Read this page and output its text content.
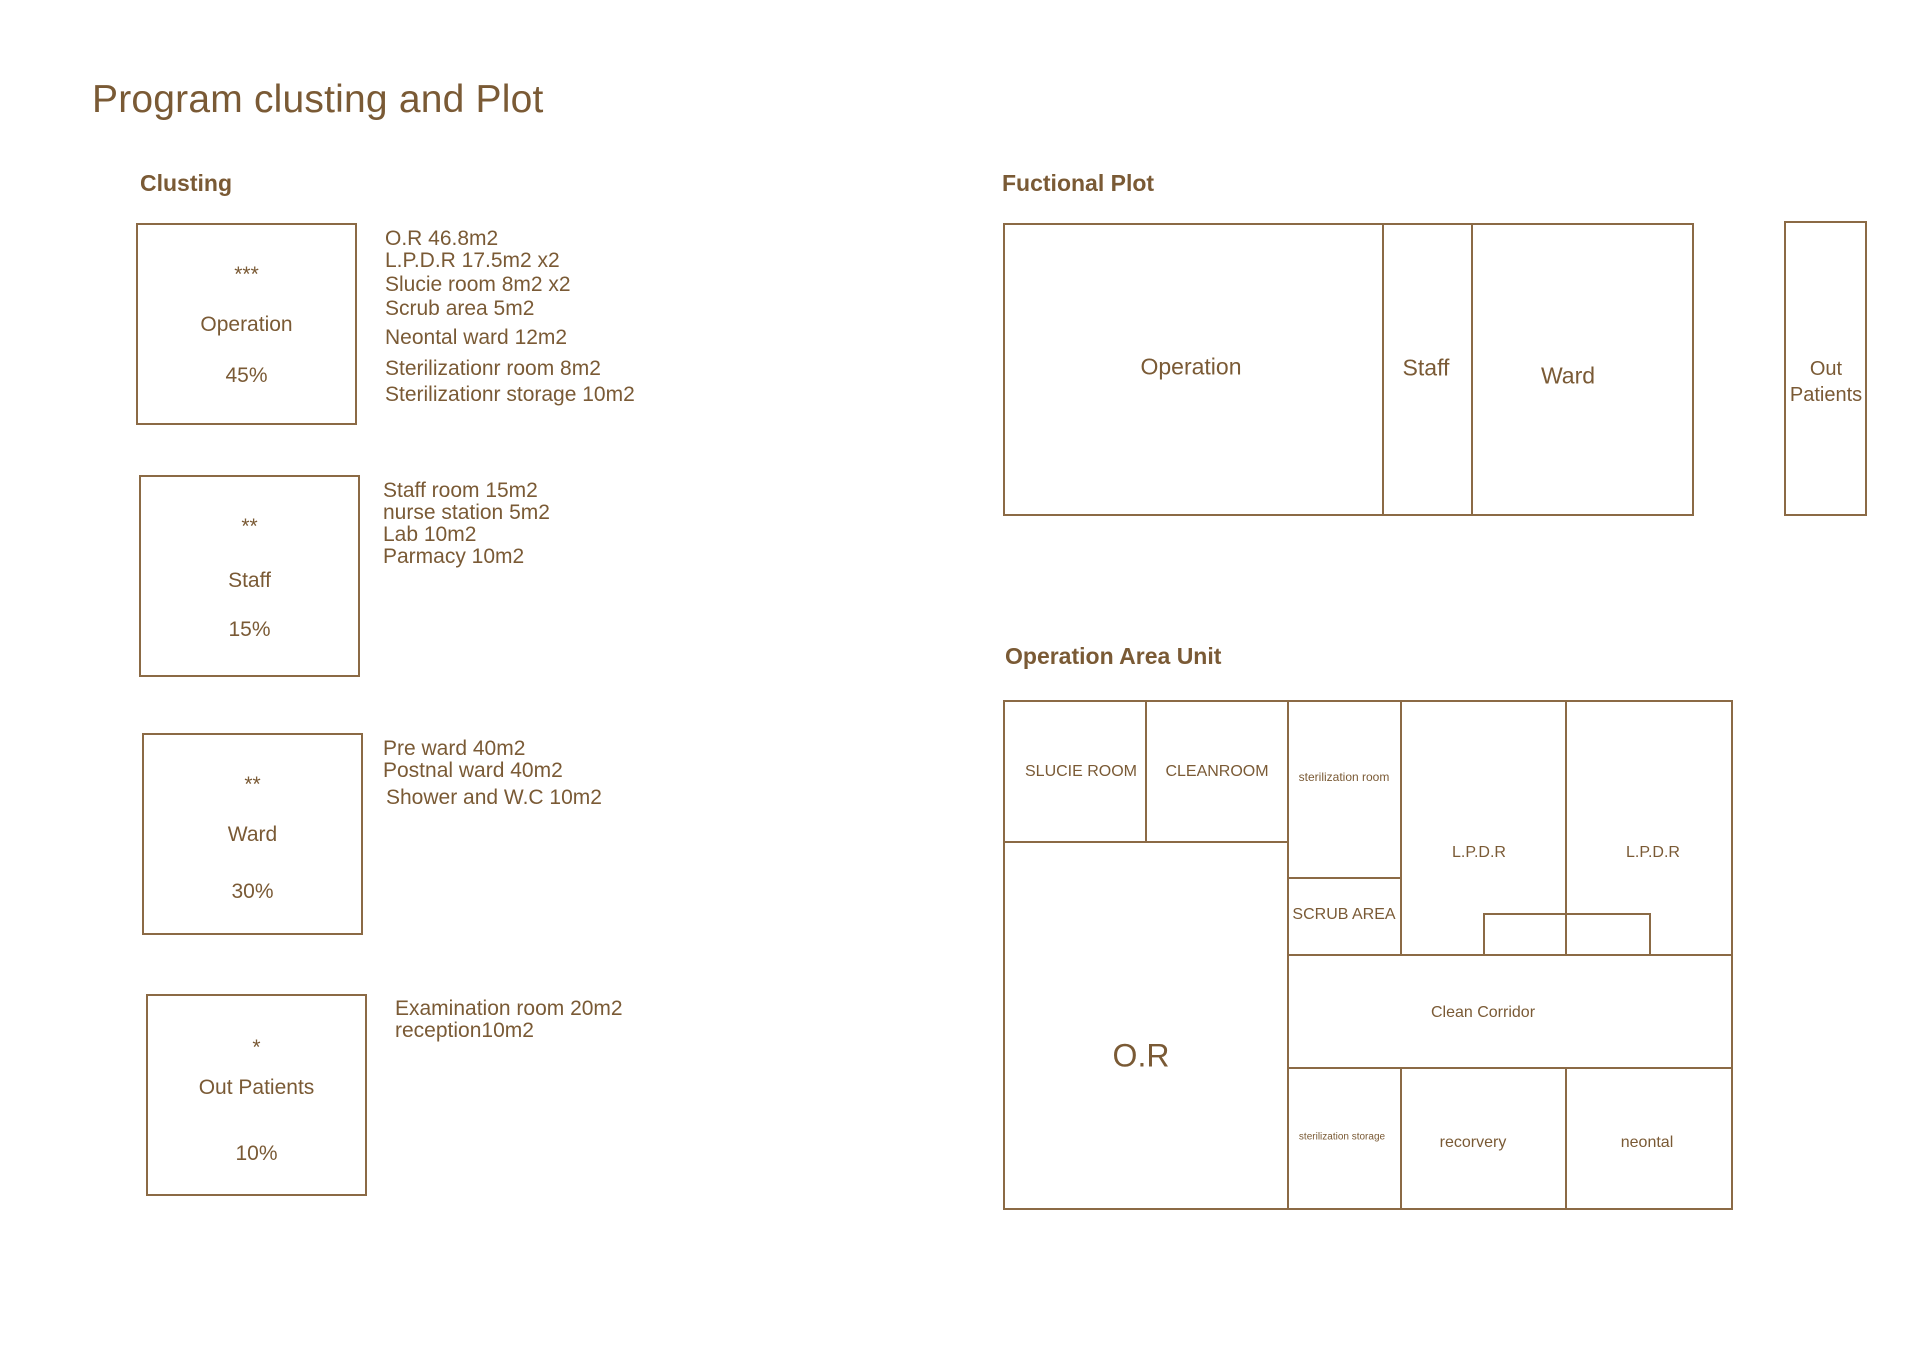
Program clusting and Plot
Clusting
***
Operation
45%
O.R 46.8m2
L.P.D.R 17.5m2 x2
Slucie room 8m2 x2
Scrub area 5m2
Neontal ward 12m2
Sterilizationr room 8m2
Sterilizationr storage 10m2
**
Staff
15%
Staff room 15m2
nurse station 5m2
Lab 10m2
Parmacy 10m2
**
Ward
30%
Pre ward 40m2
Postnal ward 40m2
Shower and W.C 10m2
*
Out Patients
10%
Examination room 20m2
reception10m2
Fuctional Plot
Operation	Staff	Ward	Out
Patients
Operation Area Unit
SLUCIE ROOM CLEANROOM	sterilization room
L.P.D.R	L.P.D.R
SCRUB AREA
O.R
Clean Corridor
sterilization storage	recorvery	neontal
